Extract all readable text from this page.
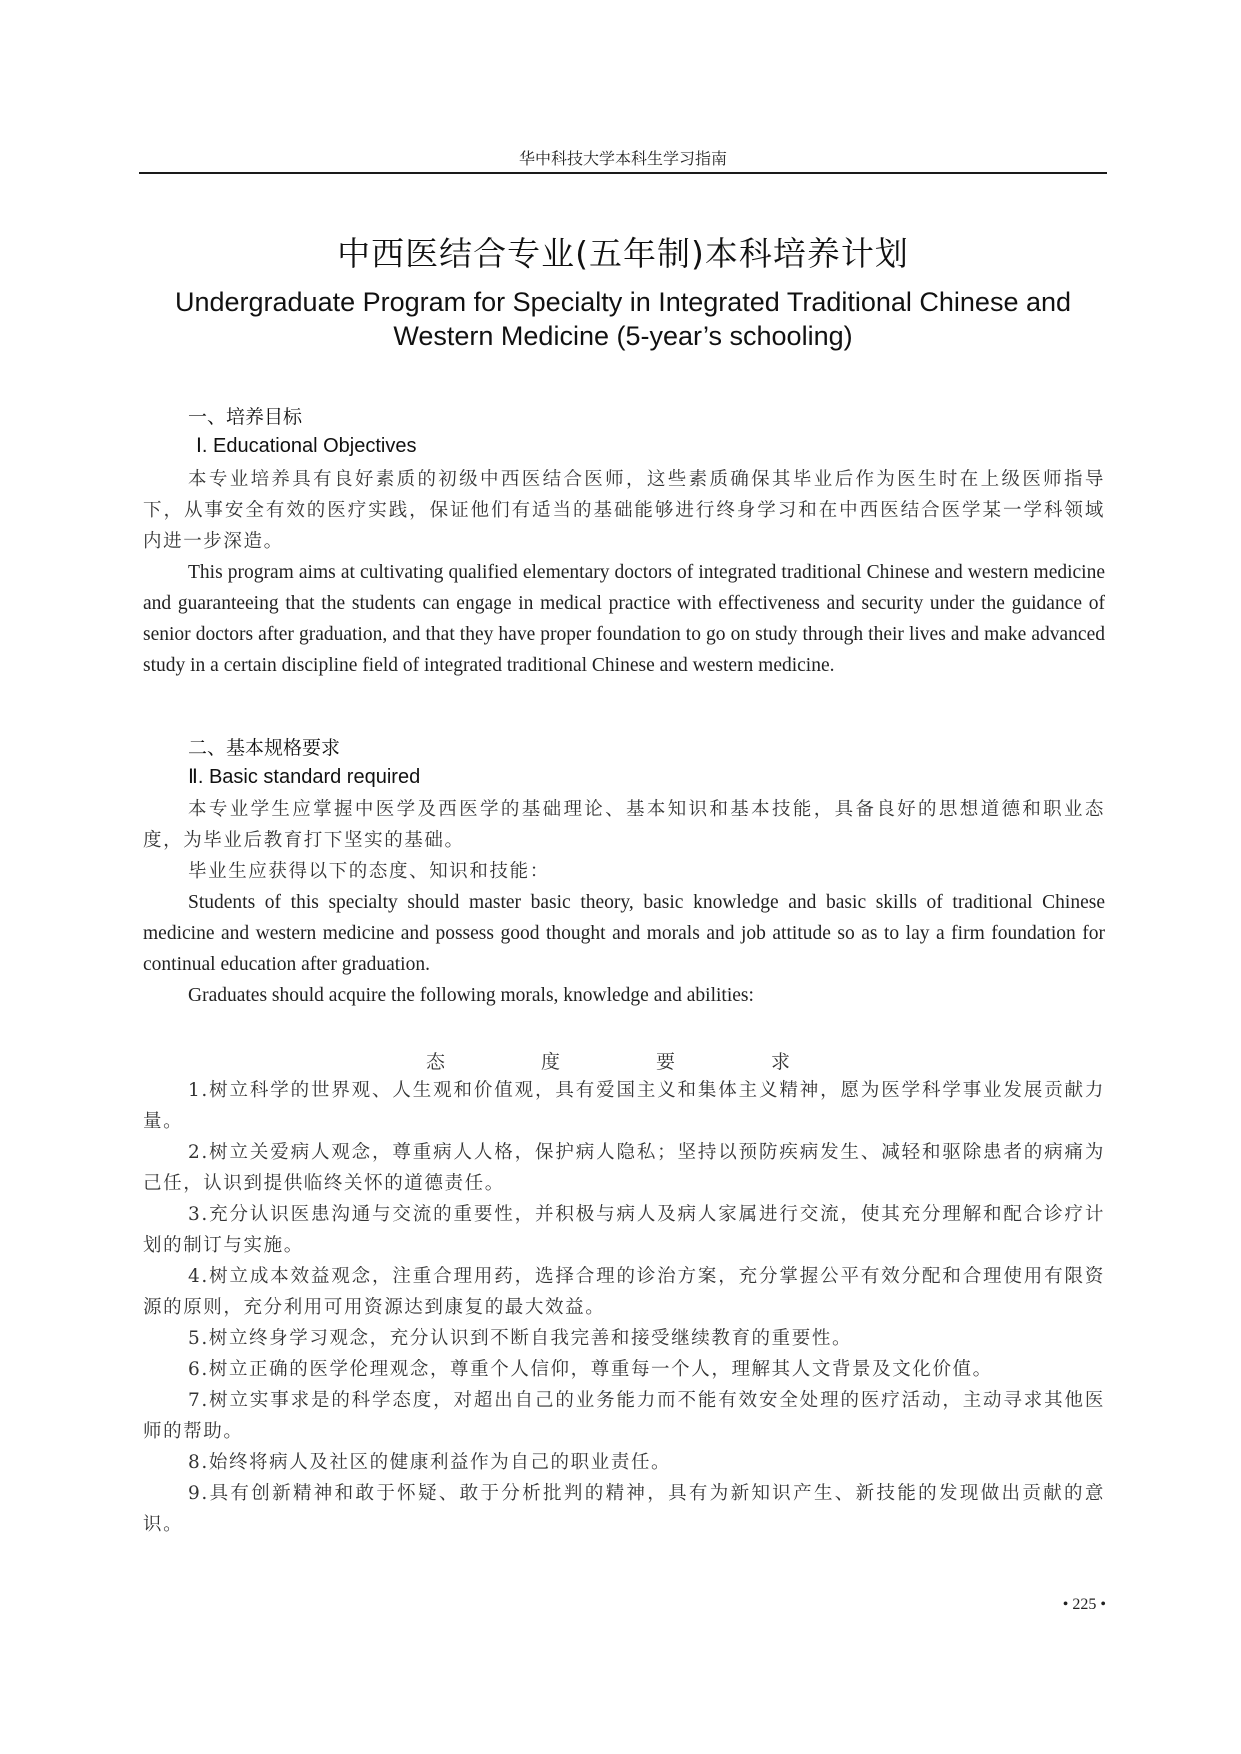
华中科技大学本科生学习指南
中西医结合专业(五年制)本科培养计划
Undergraduate Program for Specialty in Integrated Traditional Chinese and Western Medicine (5-year’s schooling)
一、培养目标
Ⅰ. Educational Objectives

本专业培养具有良好素质的初级中西医结合医师，这些素质确保其毕业后作为医生时在上级医师指导下，从事安全有效的医疗实践，保证他们有适当的基础能够进行终身学习和在中西医结合医学某一学科领域内进一步深造。

This program aims at cultivating qualified elementary doctors of integrated traditional Chinese and western medicine and guaranteeing that the students can engage in medical practice with effectiveness and security under the guidance of senior doctors after graduation, and that they have proper foundation to go on study through their lives and make advanced study in a certain discipline field of integrated traditional Chinese and western medicine.

二、基本规格要求
Ⅱ. Basic standard required

本专业学生应掌握中医学及西医学的基础理论、基本知识和基本技能，具备良好的思想道德和职业态度，为毕业后教育打下坚实的基础。

毕业生应获得以下的态度、知识和技能：

Students of this specialty should master basic theory, basic knowledge and basic skills of traditional Chinese medicine and western medicine and possess good thought and morals and job attitude so as to lay a firm foundation for continual education after graduation.

Graduates should acquire the following morals, knowledge and abilities:

态 度 要 求

1.树立科学的世界观、人生观和价值观，具有爱国主义和集体主义精神，愿为医学科学事业发展贡献力量。

2.树立关爱病人观念，尊重病人人格，保护病人隐私；坚持以预防疾病发生、减轻和驱除患者的病痛为己任，认识到提供临终关怀的道德责任。

3.充分认识医患沟通与交流的重要性，并积极与病人及病人家属进行交流，使其充分理解和配合诊疗计划的制订与实施。

4.树立成本效益观念，注重合理用药，选择合理的诊治方案，充分掌握公平有效分配和合理使用有限资源的原则，充分利用可用资源达到康复的最大效益。

5.树立终身学习观念，充分认识到不断自我完善和接受继续教育的重要性。

6.树立正确的医学伦理观念，尊重个人信仰，尊重每一个人，理解其人文背景及文化价值。

7.树立实事求是的科学态度，对超出自己的业务能力而不能有效安全处理的医疗活动，主动寻求其他医师的帮助。

8.始终将病人及社区的健康利益作为自己的职业责任。

9.具有创新精神和敢于怀疑、敢于分析批判的精神，具有为新知识产生、新技能的发现做出贡献的意识。

• 225 •
